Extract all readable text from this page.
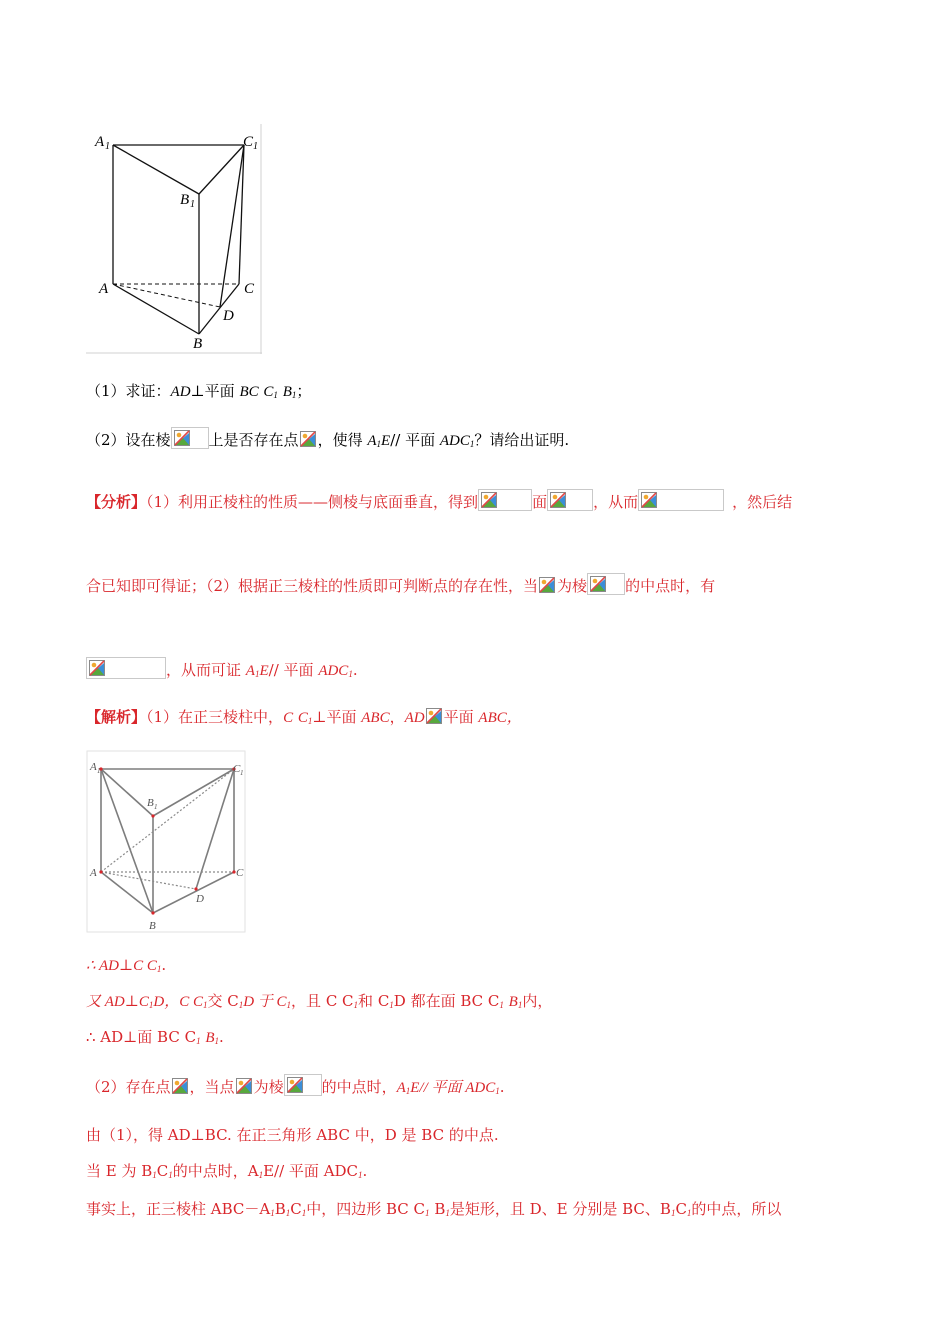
A 1	C 1
B 1
A	C
D
B
（1）求证：AD⊥平面 BC $C_1$ $B_1$；
（2）设在棱	上是否存在点 ，使得 $A_1E//$ 平面 $ADC_1$？请给出证明.
【分析】（1）利用正棱柱的性质——侧棱与底面垂直，得到	面	，从而	，然后结
合已知即可得证；（2）根据正三棱柱的性质即可判断点的存在性，当 为棱	的中点时，有
，从而可证 $A_1E//$ 平面 $ADC_1$.
【解析】（1）在正三棱柱中，C $C_1\perp$平面 ABC，AD 平面 ABC，
A 1	C 1
B 1
A	C
D
B
∴ AD⊥C $C_1$.
又 $AD\perp C_1D$，C $C_1$交 $C_1D$ 于 $C_1$，且 C $C_1$和 $C_1D$ 都在面 BC $C_1$ $B_1$内，
∴ AD⊥面 BC $C_1$ $B_1$.
（2）存在点 ，当点 为棱	的中点时，$A_1E//$ 平面 $ADC_1$.
由（1），得 AD⊥BC. 在正三角形 ABC 中，D 是 BC 的中点.
当 E 为 $B_1C_1$的中点时，$A_1E//$ 平面 $ADC_1$.
事实上，正三棱柱 $ABC-A_1B_1C_1$中，四边形 BC $C_1$ $B_1$是矩形，且 D、E 分别是 BC、$B_1C_1$的中点，所以
